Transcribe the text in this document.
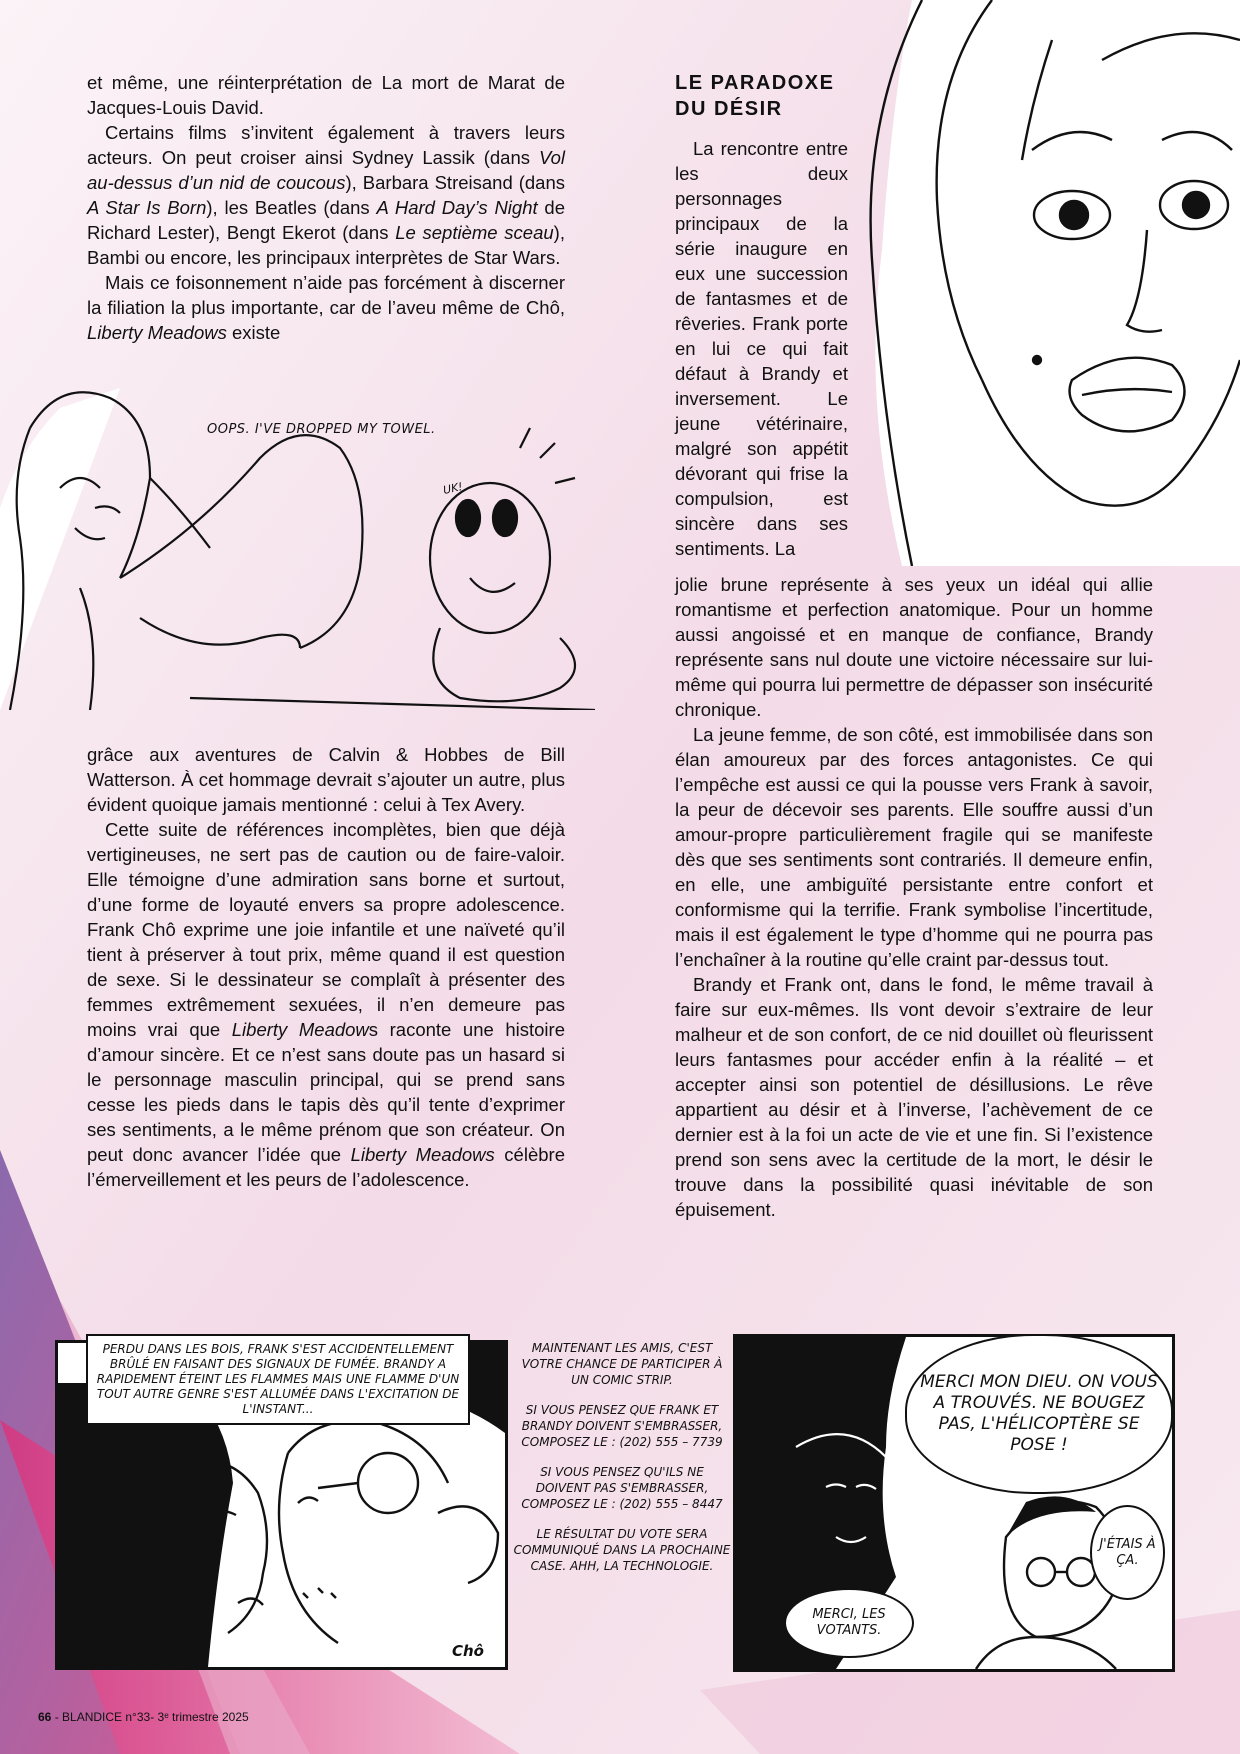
et même, une réinterprétation de La mort de Marat de Jacques-Louis David.

Certains films s’invitent également à travers leurs acteurs. On peut croiser ainsi Sydney Lassik (dans Vol au-dessus d’un nid de coucous), Barbara Streisand (dans A Star Is Born), les Beatles (dans A Hard Day’s Night de Richard Lester), Bengt Ekerot (dans Le septième sceau), Bambi ou encore, les principaux interprètes de Star Wars.

Mais ce foisonnement n’aide pas forcément à discerner la filiation la plus importante, car de l’aveu même de Chô, Liberty Meadows existe

OOPS. I'VE DROPPED MY TOWEL.
UK!

grâce aux aventures de Calvin & Hobbes de Bill Watterson. À cet hommage devrait s’ajouter un autre, plus évident quoique jamais mentionné : celui à Tex Avery.

Cette suite de références incomplètes, bien que déjà vertigineuses, ne sert pas de caution ou de faire-valoir. Elle témoigne d’une admiration sans borne et surtout, d’une forme de loyauté envers sa propre adolescence. Frank Chô exprime une joie infantile et une naïveté qu’il tient à préserver à tout prix, même quand il est question de sexe. Si le dessinateur se complaît à présenter des femmes extrêmement sexuées, il n’en demeure pas moins vrai que Liberty Meadows raconte une histoire d’amour sincère. Et ce n’est sans doute pas un hasard si le personnage masculin principal, qui se prend sans cesse les pieds dans le tapis dès qu’il tente d’exprimer ses sentiments, a le même prénom que son créateur. On peut donc avancer l’idée que Liberty Meadows célèbre l’émerveillement et les peurs de l’adolescence.

LE PARADOXE
DU DÉSIR

La rencontre entre les deux personnages principaux de la série inaugure en eux une succession de fantasmes et de rêveries. Frank porte en lui ce qui fait défaut à Brandy et inversement. Le jeune vétérinaire, malgré son appétit dévorant qui frise la compulsion, est sincère dans ses sentiments. La

jolie brune représente à ses yeux un idéal qui allie romantisme et perfection anatomique. Pour un homme aussi angoissé et en manque de confiance, Brandy représente sans nul doute une victoire nécessaire sur lui-même qui pourra lui permettre de dépasser son insécurité chronique.

La jeune femme, de son côté, est immobilisée dans son élan amoureux par des forces antagonistes. Ce qui l’empêche est aussi ce qui la pousse vers Frank à savoir, la peur de décevoir ses parents. Elle souffre aussi d’un amour-propre particulièrement fragile qui se manifeste dès que ses sentiments sont contrariés. Il demeure enfin, en elle, une ambiguïté persistante entre confort et conformisme qui la terrifie. Frank symbolise l’incertitude, mais il est également le type d’homme qui ne pourra pas l’enchaîner à la routine qu’elle craint par-dessus tout.

Brandy et Frank ont, dans le fond, le même travail à faire sur eux-mêmes. Ils vont devoir s’extraire de leur malheur et de son confort, de ce nid douillet où fleurissent leurs fantasmes pour accéder enfin à la réalité – et accepter ainsi son potentiel de désillusions. Le rêve appartient au désir et à l’inverse, l’achèvement de ce dernier est à la foi un acte de vie et une fin. Si l’existence prend son sens avec la certitude de la mort, le désir le trouve dans la possibilité quasi inévitable de son épuisement.

PERDU DANS LES BOIS, FRANK S'EST ACCIDENTELLEMENT BRÛLÉ EN FAISANT DES SIGNAUX DE FUMÉE. BRANDY A RAPIDEMENT ÉTEINT LES FLAMMES MAIS UNE FLAMME D'UN TOUT AUTRE GENRE S'EST ALLUMÉE DANS L'EXCITATION DE L'INSTANT...
Chô

MAINTENANT LES AMIS, C'EST VOTRE CHANCE DE PARTICIPER À UN COMIC STRIP.

SI VOUS PENSEZ QUE FRANK ET BRANDY DOIVENT S'EMBRASSER, COMPOSEZ LE : (202) 555 – 7739

SI VOUS PENSEZ QU'ILS NE DOIVENT PAS S'EMBRASSER, COMPOSEZ LE : (202) 555 – 8447

LE RÉSULTAT DU VOTE SERA COMMUNIQUÉ DANS LA PROCHAINE CASE. AHH, LA TECHNOLOGIE.

MERCI MON DIEU. ON VOUS A TROUVÉS. NE BOUGEZ PAS, L'HÉLICOPTÈRE SE POSE !
J'ÉTAIS À ÇA.
MERCI, LES VOTANTS.
66 - BLANDICE n°33- 3ᵉ trimestre 2025
